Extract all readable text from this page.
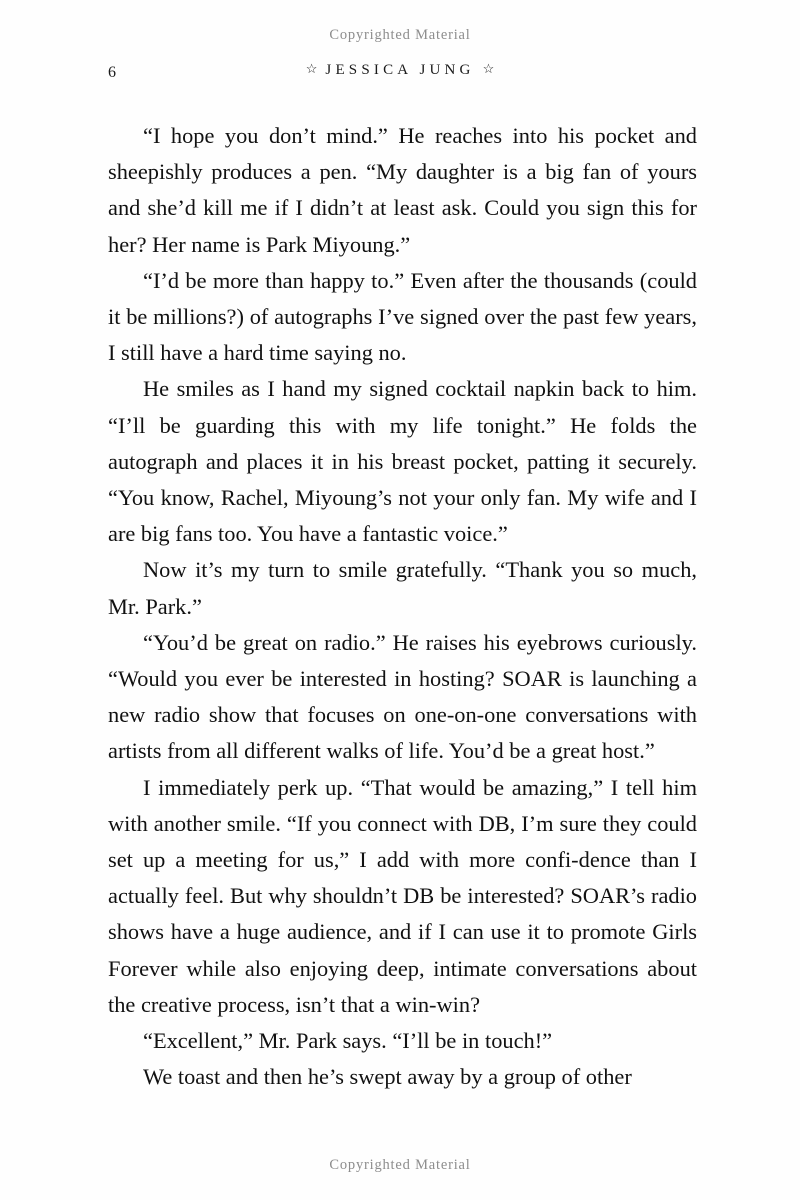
Copyrighted Material
6	☆ JESSICA JUNG ☆

“I hope you don’t mind.” He reaches into his pocket and sheepishly produces a pen. “My daughter is a big fan of yours and she’d kill me if I didn’t at least ask. Could you sign this for her? Her name is Park Miyoung.”

“I’d be more than happy to.” Even after the thousands (could it be millions?) of autographs I’ve signed over the past few years, I still have a hard time saying no.

He smiles as I hand my signed cocktail napkin back to him. “I’ll be guarding this with my life tonight.” He folds the autograph and places it in his breast pocket, patting it securely. “You know, Rachel, Miyoung’s not your only fan. My wife and I are big fans too. You have a fantastic voice.”

Now it’s my turn to smile gratefully. “Thank you so much, Mr. Park.”

“You’d be great on radio.” He raises his eyebrows curiously. “Would you ever be interested in hosting? SOAR is launching a new radio show that focuses on one-on-one conversations with artists from all different walks of life. You’d be a great host.”

I immediately perk up. “That would be amazing,” I tell him with another smile. “If you connect with DB, I’m sure they could set up a meeting for us,” I add with more confi-dence than I actually feel. But why shouldn’t DB be interested? SOAR’s radio shows have a huge audience, and if I can use it to promote Girls Forever while also enjoying deep, intimate conversations about the creative process, isn’t that a win-win?

“Excellent,” Mr. Park says. “I’ll be in touch!”

We toast and then he’s swept away by a group of other

Copyrighted Material
